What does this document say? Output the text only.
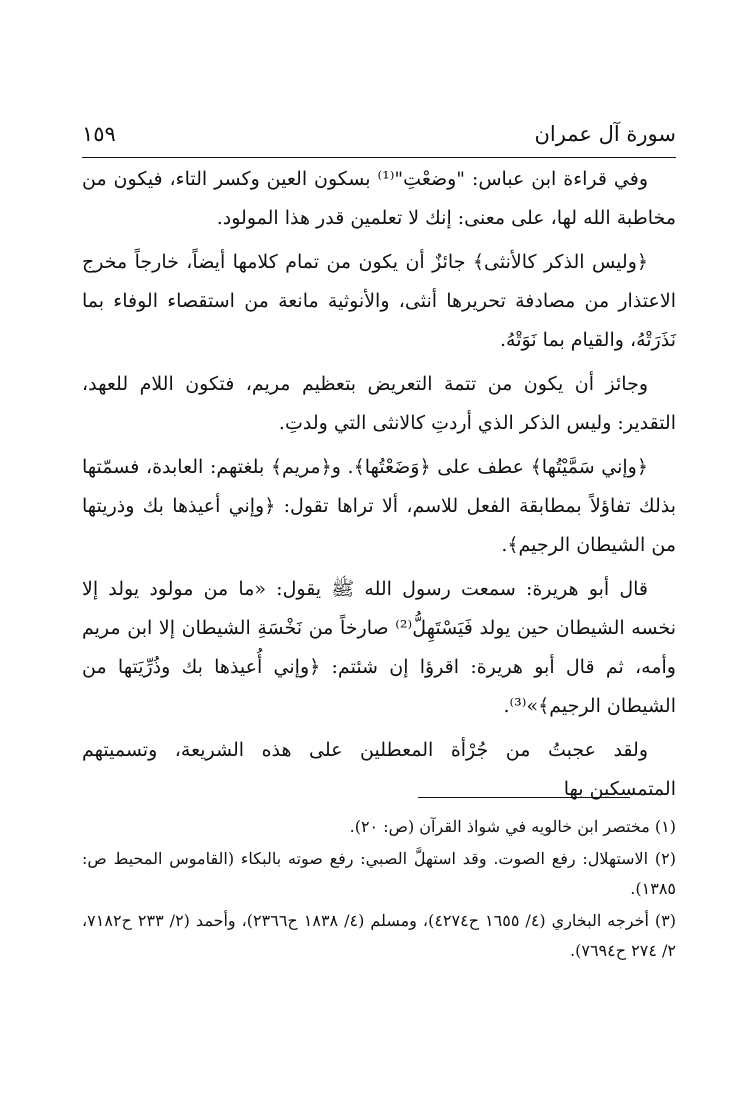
سورة آل عمران
١٥٩

وفي قراءة ابن عباس: "وضعْتِ"⁽¹⁾ بسكون العين وكسر التاء، فيكون من مخاطبة الله لها، على معنى: إنك لا تعلمين قدر هذا المولود.

﴿وليس الذكر كالأنثى﴾ جائزٌ أن يكون من تمام كلامها أيضاً، خارجاً مخرج الاعتذار من مصادفة تحريرها أنثى، والأنوثية مانعة من استقصاء الوفاء بما نَذَرَتْهُ، والقيام بما نَوَتْهُ.

وجائز أن يكون من تتمة التعريض بتعظيم مريم، فتكون اللام للعهد، التقدير: وليس الذكر الذي أردتِ كالانثى التي ولدتِ.

﴿وإني سَمَّيْتُها﴾ عطف على ﴿وَضَعْتُها﴾. و﴿مريم﴾ بلغتهم: العابدة، فسمّتها بذلك تفاؤلاً بمطابقة الفعل للاسم، ألا تراها تقول: ﴿وإني أعيذها بك وذريتها من الشيطان الرجيم﴾.

قال أبو هريرة: سمعت رسول الله ﷺ يقول: «ما من مولود يولد إلا نخسه الشيطان حين يولد فَيَسْتَهِلُّ⁽²⁾ صارخاً من نَخْسَةِ الشيطان إلا ابن مريم وأمه، ثم قال أبو هريرة: اقرؤا إن شئتم: ﴿وإني أُعيذها بك وذُرِّيَتها من الشيطان الرجيم﴾»⁽³⁾.

ولقد عجبتُ من جُرْأة المعطلين على هذه الشريعة، وتسميتهم المتمسكين بها

(١) مختصر ابن خالويه في شواذ القرآن (ص: ٢٠).

(٢) الاستهلال: رفع الصوت. وقد استهلَّ الصبي: رفع صوته بالبكاء (القاموس المحيط ص: ١٣٨٥).

(٣) أخرجه البخاري (٤/ ١٦٥٥ ح٤٢٧٤)، ومسلم (٤/ ١٨٣٨ ح٢٣٦٦)، وأحمد (٢/ ٢٣٣ ح٧١٨٢، ٢/ ٢٧٤ ح٧٦٩٤).
